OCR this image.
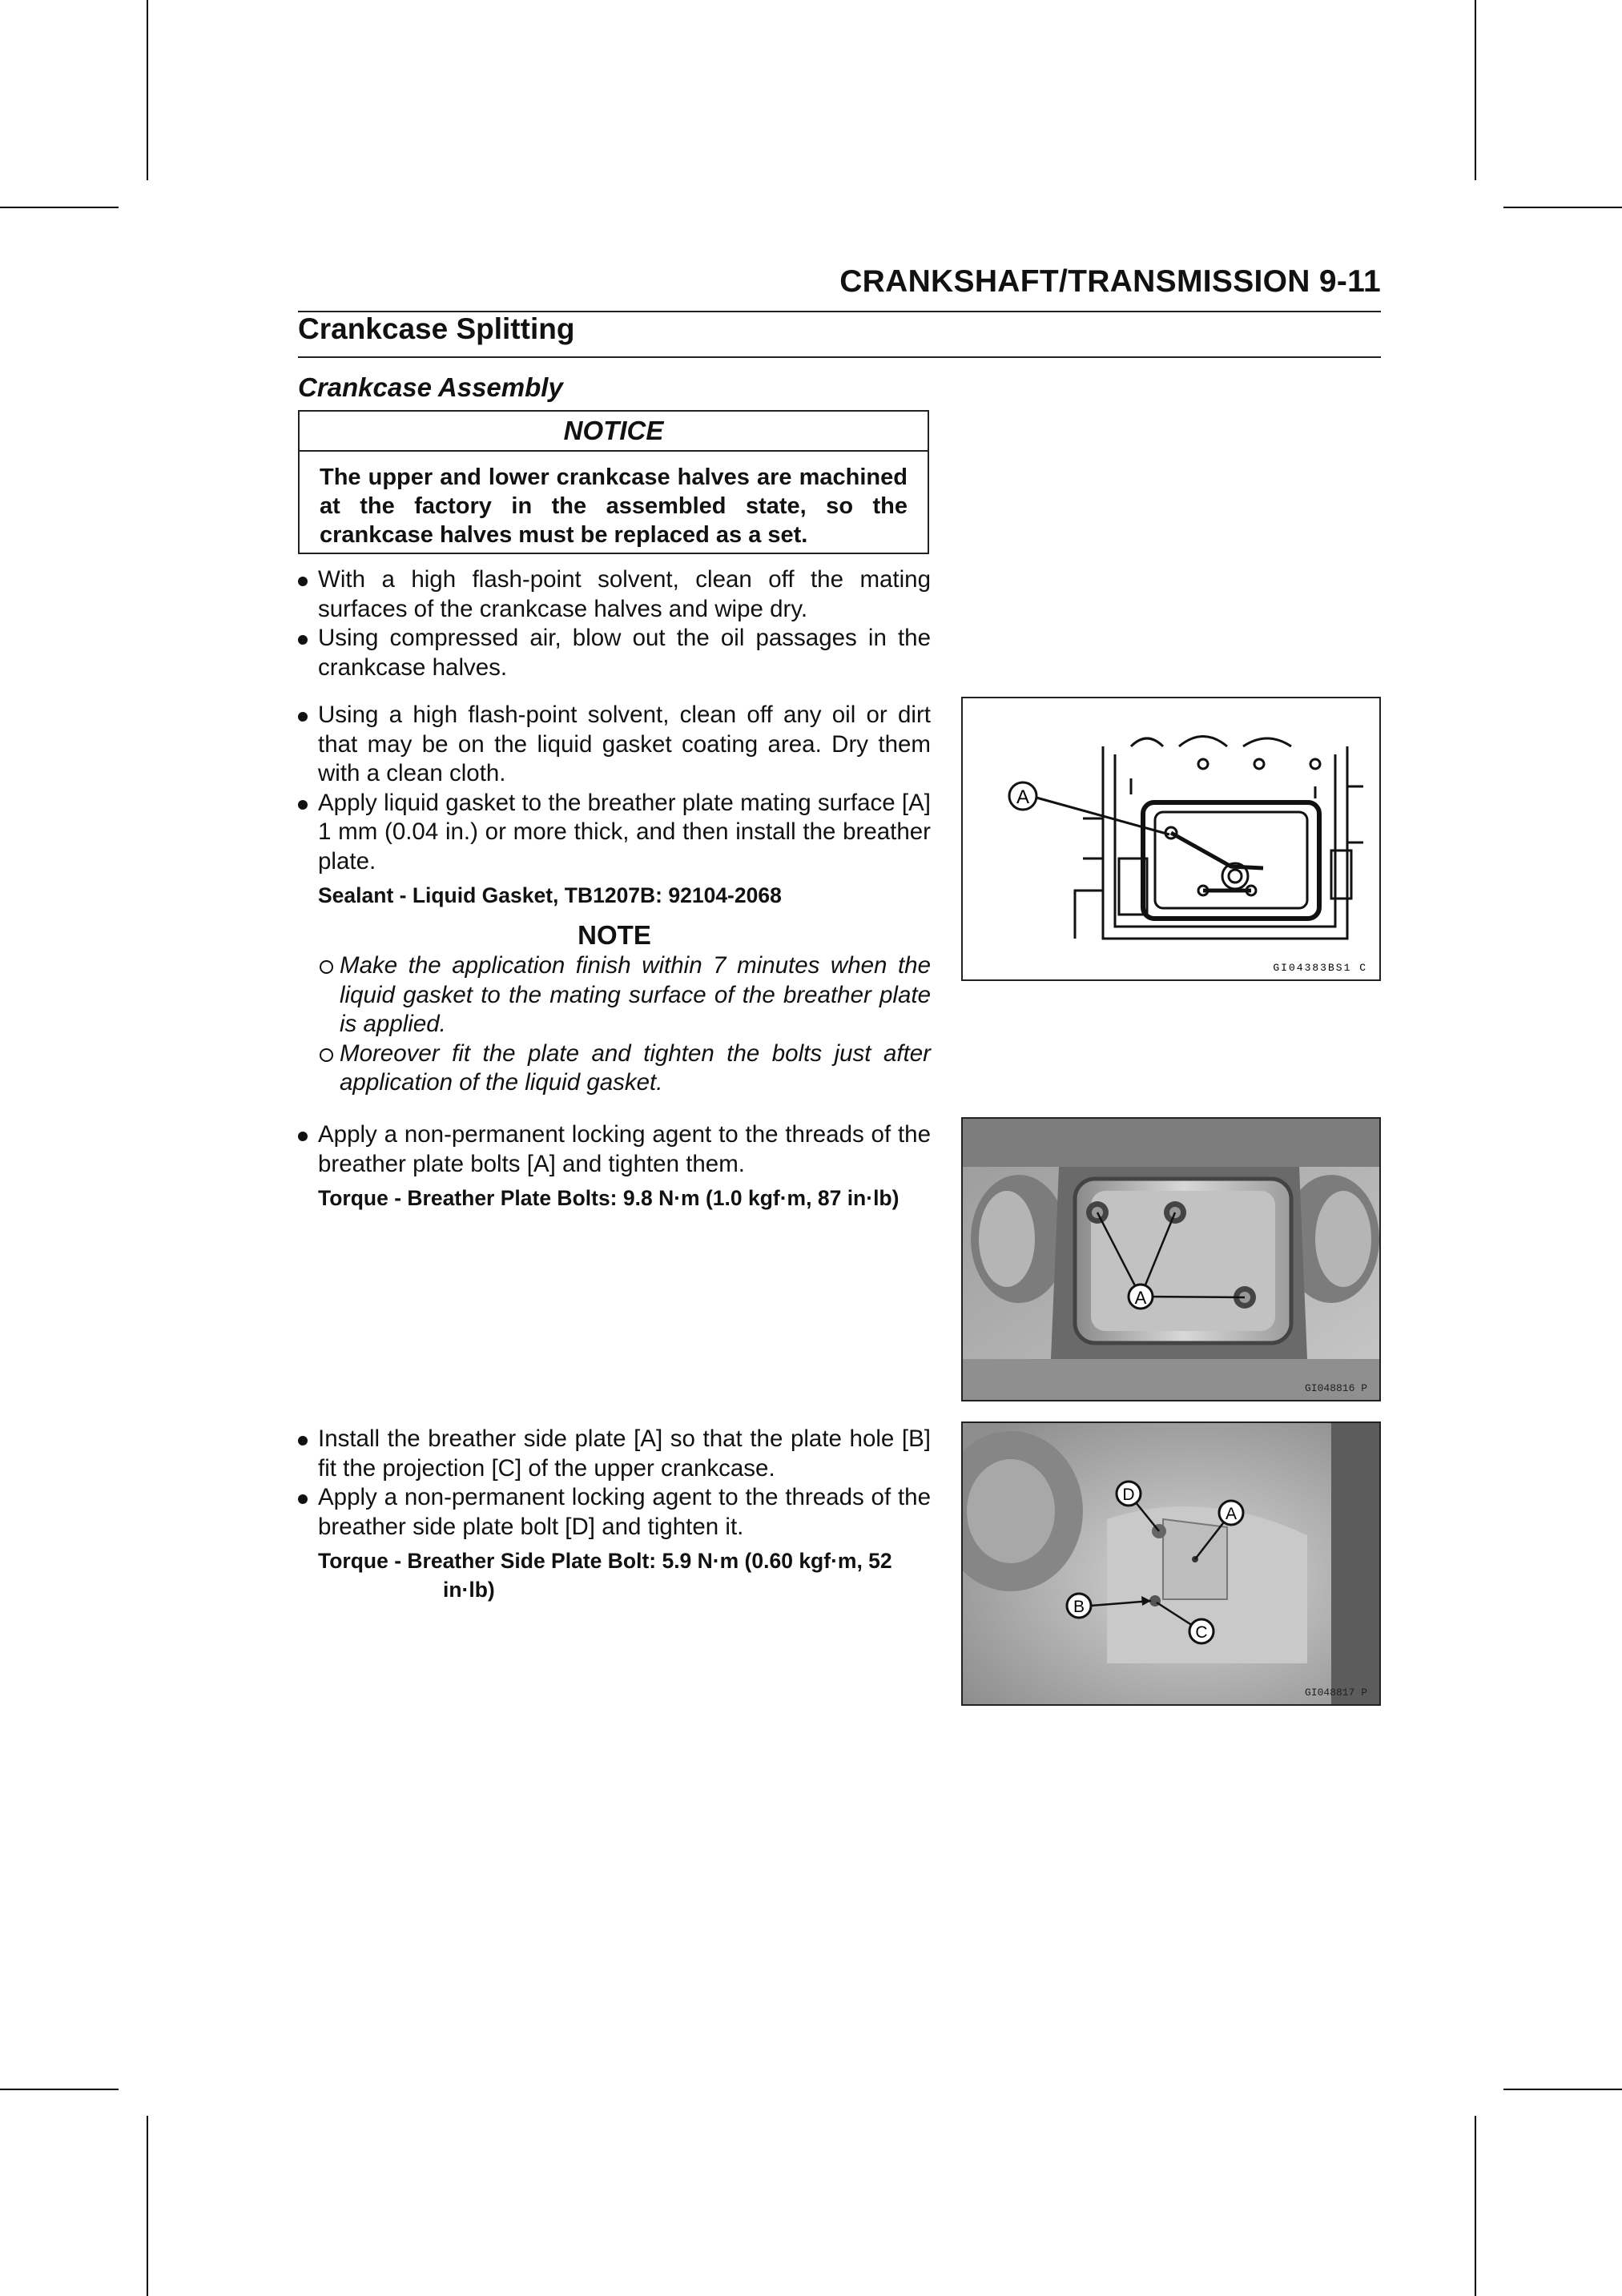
CRANKSHAFT/TRANSMISSION 9-11
Crankcase Splitting
Crankcase Assembly
NOTICE
The upper and lower crankcase halves are machined at the factory in the assembled state, so the crankcase halves must be replaced as a set.
With a high flash-point solvent, clean off the mating surfaces of the crankcase halves and wipe dry.
Using compressed air, blow out the oil passages in the crankcase halves.
Using a high flash-point solvent, clean off any oil or dirt that may be on the liquid gasket coating area. Dry them with a clean cloth.
Apply liquid gasket to the breather plate mating surface [A] 1 mm (0.04 in.) or more thick, and then install the breather plate.
Sealant - Liquid Gasket, TB1207B: 92104-2068
NOTE
Make the application finish within 7 minutes when the liquid gasket to the mating surface of the breather plate is applied.
Moreover fit the plate and tighten the bolts just after application of the liquid gasket.
Apply a non-permanent locking agent to the threads of the breather plate bolts [A] and tighten them.
Torque - Breather Plate Bolts: 9.8 N·m (1.0 kgf·m, 87 in·lb)
Install the breather side plate [A] so that the plate hole [B] fit the projection [C] of the upper crankcase.
Apply a non-permanent locking agent to the threads of the breather side plate bolt [D] and tighten it.
Torque - Breather Side Plate Bolt: 5.9 N·m (0.60 kgf·m, 52
in·lb)
A
GI04383BS1 C
A
GI048816 P
D
A
B
C
GI048817 P
